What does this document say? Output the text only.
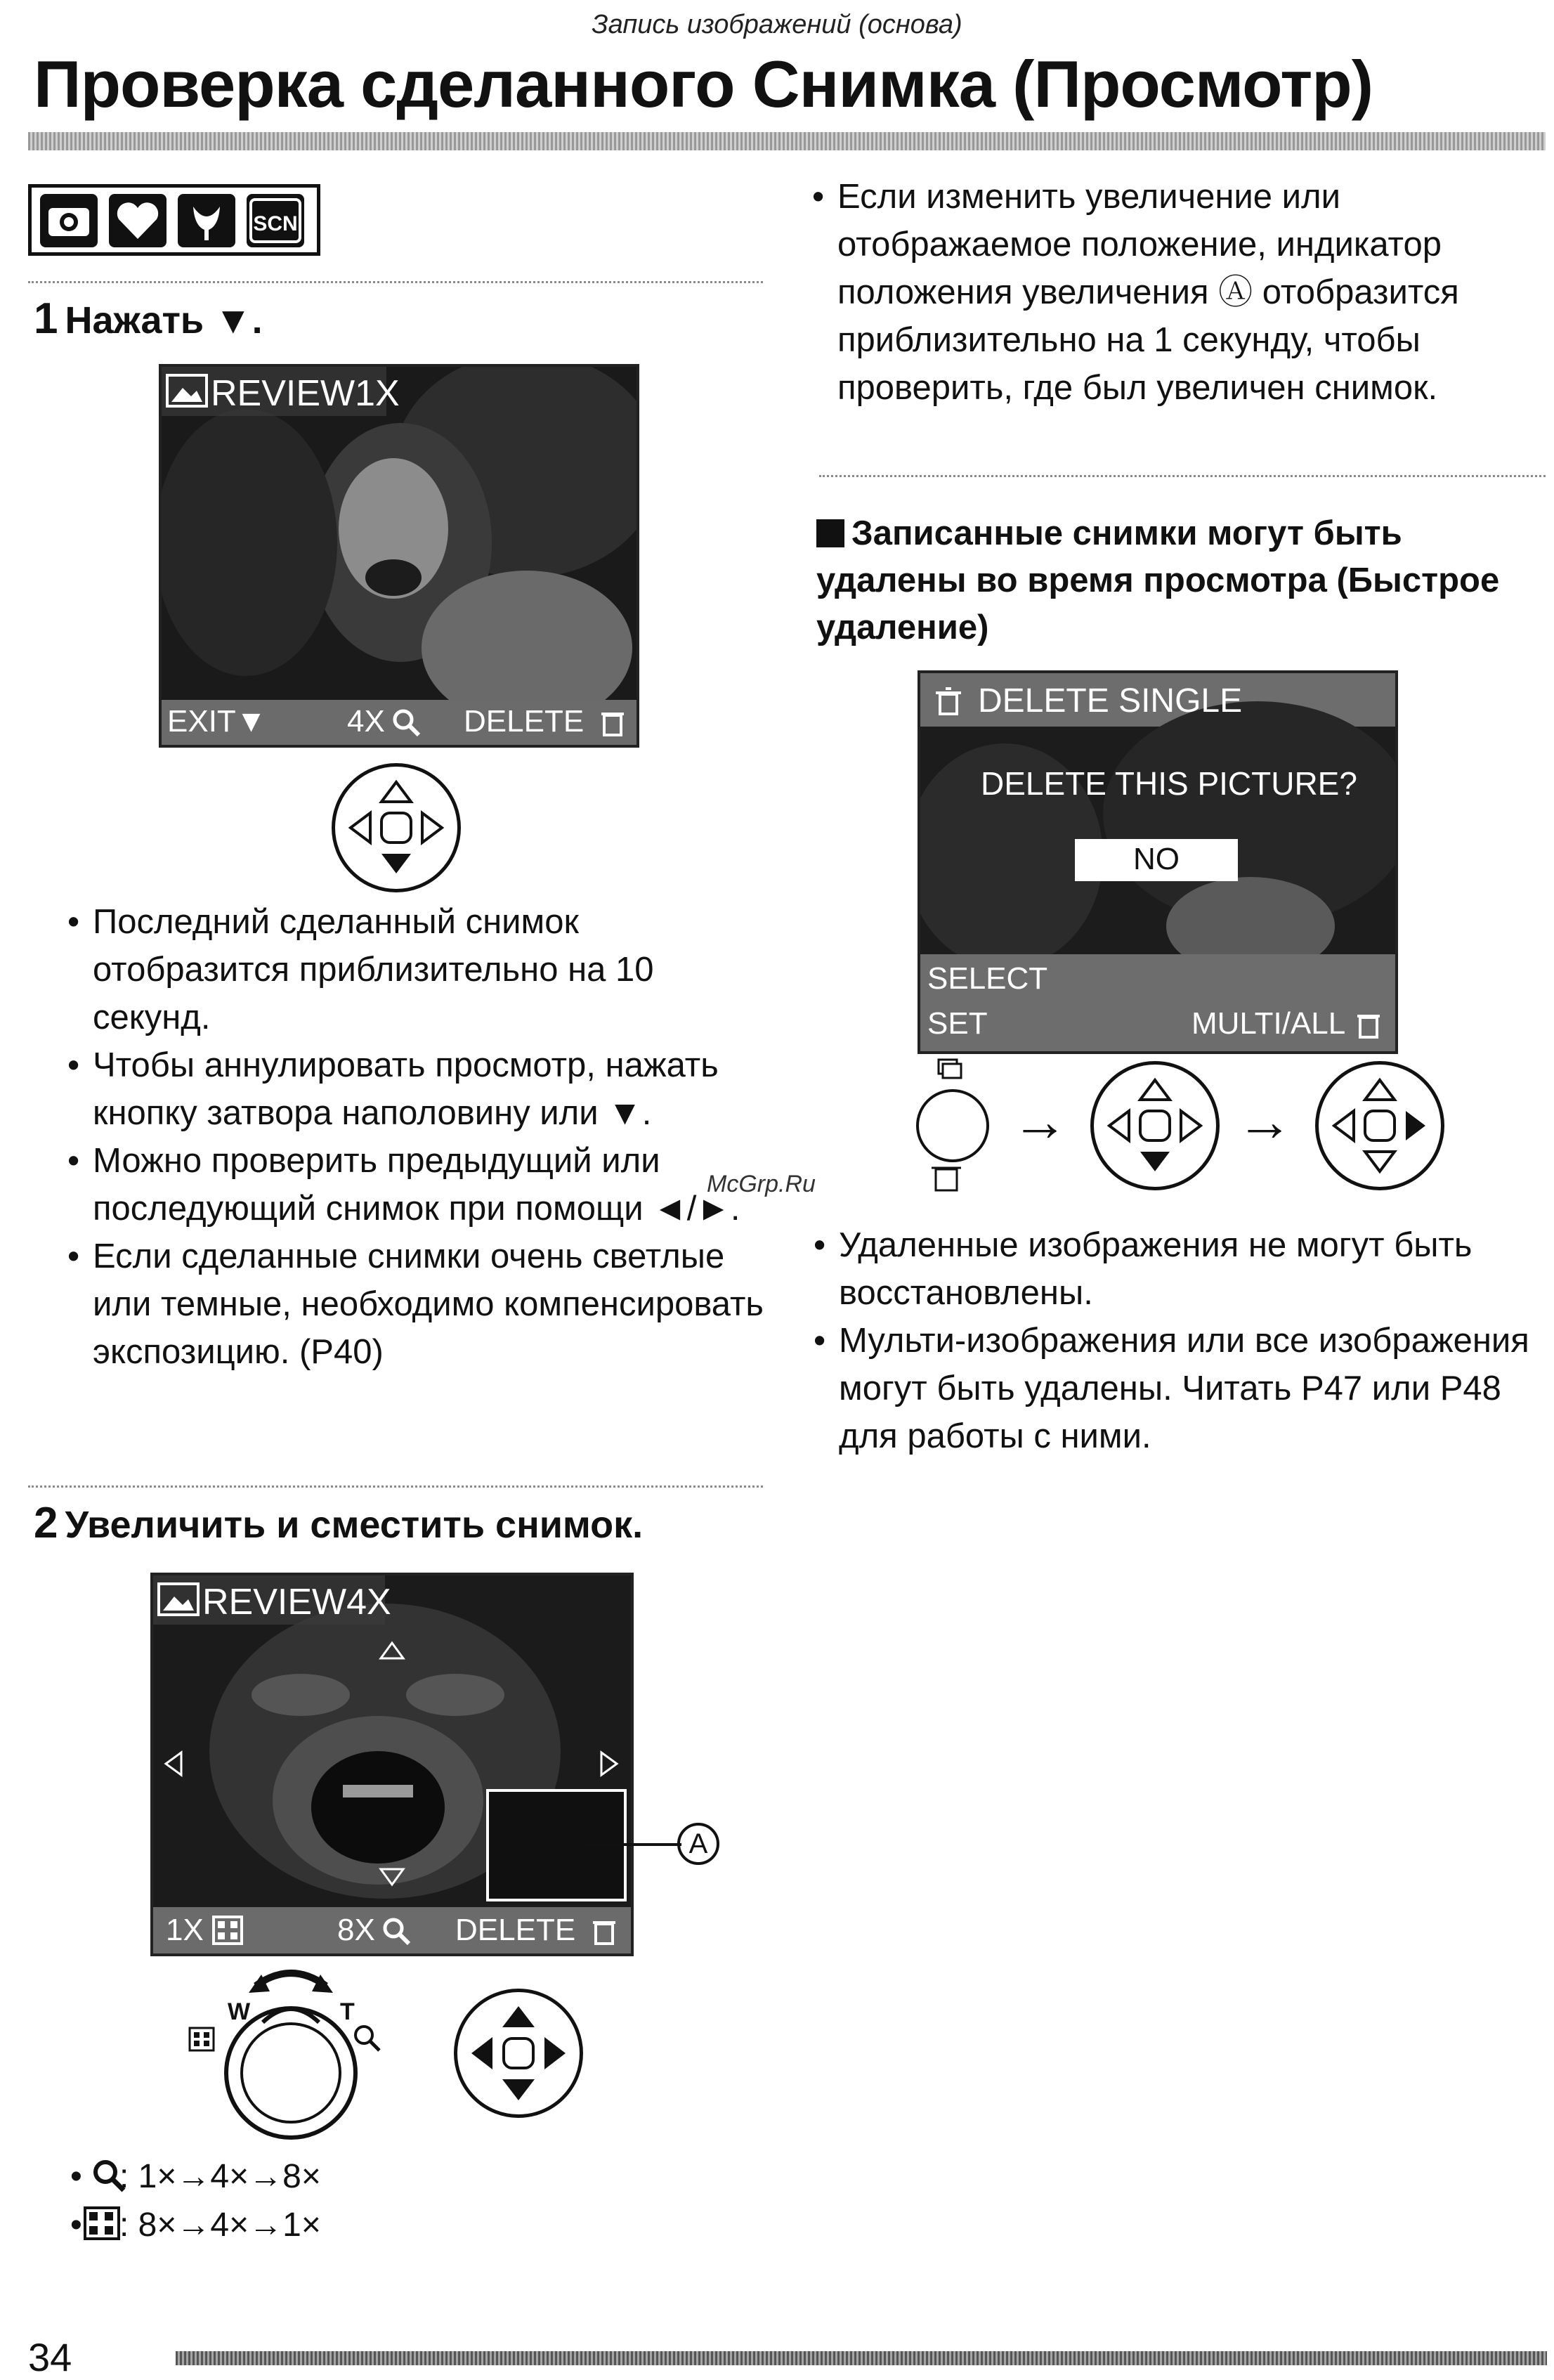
Запись изображений (основа)
Проверка сделанного Снимка (Просмотр)
SCN
1 Нажать ▼.
REVIEW1X
EXIT▼	4X	DELETE
• Последний сделанный снимок отобразится приблизительно на 10 секунд.
• Чтобы аннулировать просмотр, нажать кнопку затвора наполовину или ▼.
• Можно проверить предыдущий или последующий снимок при помощи ◄/►.
• Если сделанные снимки очень светлые или темные, необходимо компенсировать экспозицию. (P40)
McGrp.Ru
2 Увеличить и сместить снимок.
REVIEW4X
1X	8X	DELETE
A
W	T
• : 1×→4×→8×
• : 8×→4×→1×
• Если изменить увеличение или отображаемое положение, индикатор положения увеличения Ⓐ отобразится приблизительно на 1 секунду, чтобы проверить, где был увеличен снимок.
Записанные снимки могут быть удалены во время просмотра (Быстрое удаление)
DELETE SINGLE
DELETE THIS PICTURE?
NO
SELECT
SET	MULTI/ALL
→	→
• Удаленные изображения не могут быть восстановлены.
• Мульти-изображения или все изображения могут быть удалены. Читать P47 или P48 для работы с ними.
34
